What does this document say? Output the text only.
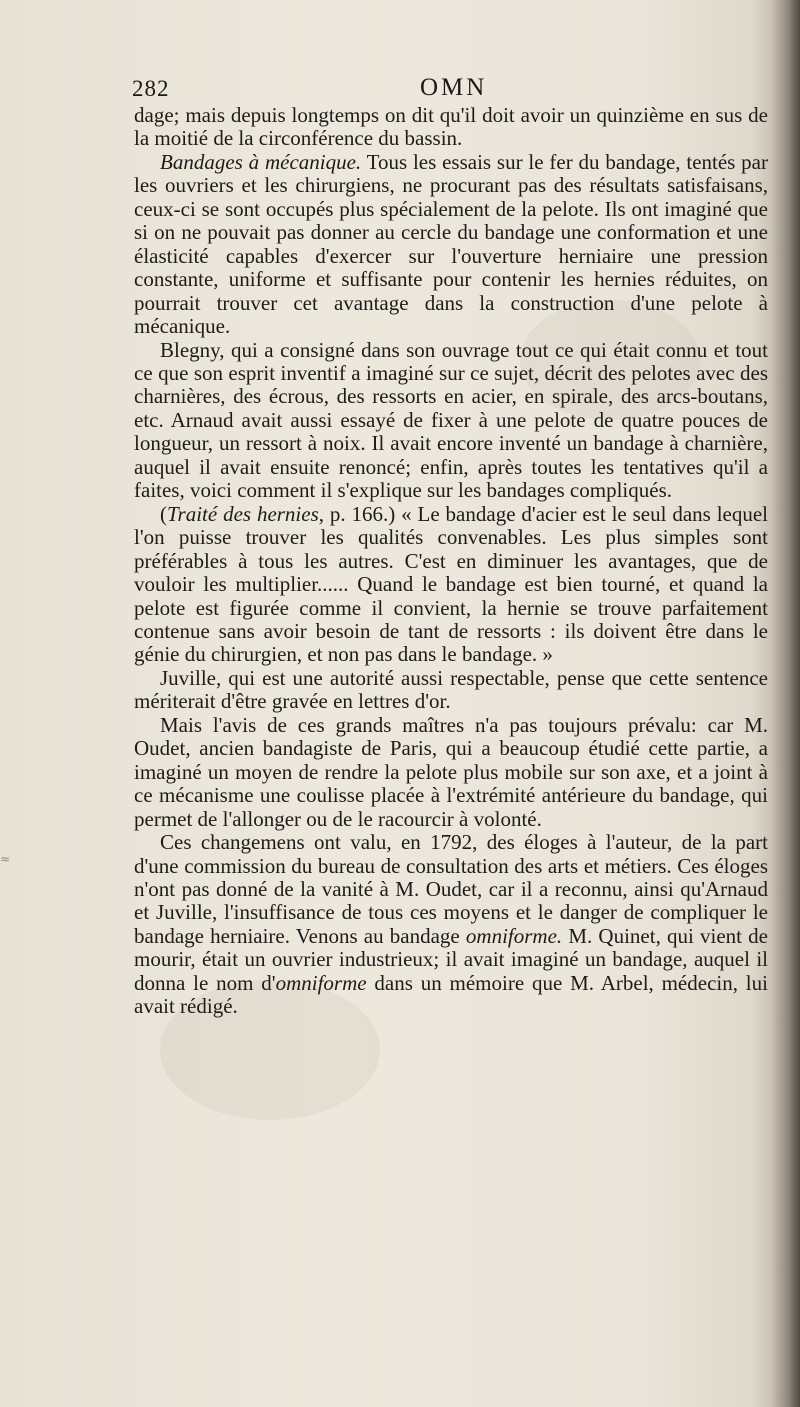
≈
282	OMN

dage; mais depuis longtemps on dit qu'il doit avoir un quinzième en sus de la moitié de la circonférence du bassin.

Bandages à mécanique. Tous les essais sur le fer du bandage, tentés par les ouvriers et les chirurgiens, ne procurant pas des résultats satisfaisans, ceux-ci se sont occupés plus spécialement de la pelote. Ils ont imaginé que si on ne pouvait pas donner au cercle du bandage une conformation et une élasticité capables d'exercer sur l'ouverture herniaire une pression constante, uniforme et suffisante pour contenir les hernies réduites, on pourrait trouver cet avantage dans la construction d'une pelote à mécanique.

Blegny, qui a consigné dans son ouvrage tout ce qui était connu et tout ce que son esprit inventif a imaginé sur ce sujet, décrit des pelotes avec des charnières, des écrous, des ressorts en acier, en spirale, des arcs-boutans, etc. Arnaud avait aussi essayé de fixer à une pelote de quatre pouces de longueur, un ressort à noix. Il avait encore inventé un bandage à charnière, auquel il avait ensuite renoncé; enfin, après toutes les tentatives qu'il a faites, voici comment il s'explique sur les bandages compliqués.

(Traité des hernies, p. 166.) « Le bandage d'acier est le seul dans lequel l'on puisse trouver les qualités convenables. Les plus simples sont préférables à tous les autres. C'est en diminuer les avantages, que de vouloir les multiplier...... Quand le bandage est bien tourné, et quand la pelote est figurée comme il convient, la hernie se trouve parfaitement contenue sans avoir besoin de tant de ressorts : ils doivent être dans le génie du chirurgien, et non pas dans le bandage. »

Juville, qui est une autorité aussi respectable, pense que cette sentence mériterait d'être gravée en lettres d'or.

Mais l'avis de ces grands maîtres n'a pas toujours prévalu: car M. Oudet, ancien bandagiste de Paris, qui a beaucoup étudié cette partie, a imaginé un moyen de rendre la pelote plus mobile sur son axe, et a joint à ce mécanisme une coulisse placée à l'extrémité antérieure du bandage, qui permet de l'allonger ou de le racourcir à volonté.

Ces changemens ont valu, en 1792, des éloges à l'auteur, de la part d'une commission du bureau de consultation des arts et métiers. Ces éloges n'ont pas donné de la vanité à M. Oudet, car il a reconnu, ainsi qu'Arnaud et Juville, l'insuffisance de tous ces moyens et le danger de compliquer le bandage herniaire. Venons au bandage omniforme. M. Quinet, qui vient de mourir, était un ouvrier industrieux; il avait imaginé un bandage, auquel il donna le nom d'omniforme dans un mémoire que M. Arbel, médecin, lui avait rédigé.
